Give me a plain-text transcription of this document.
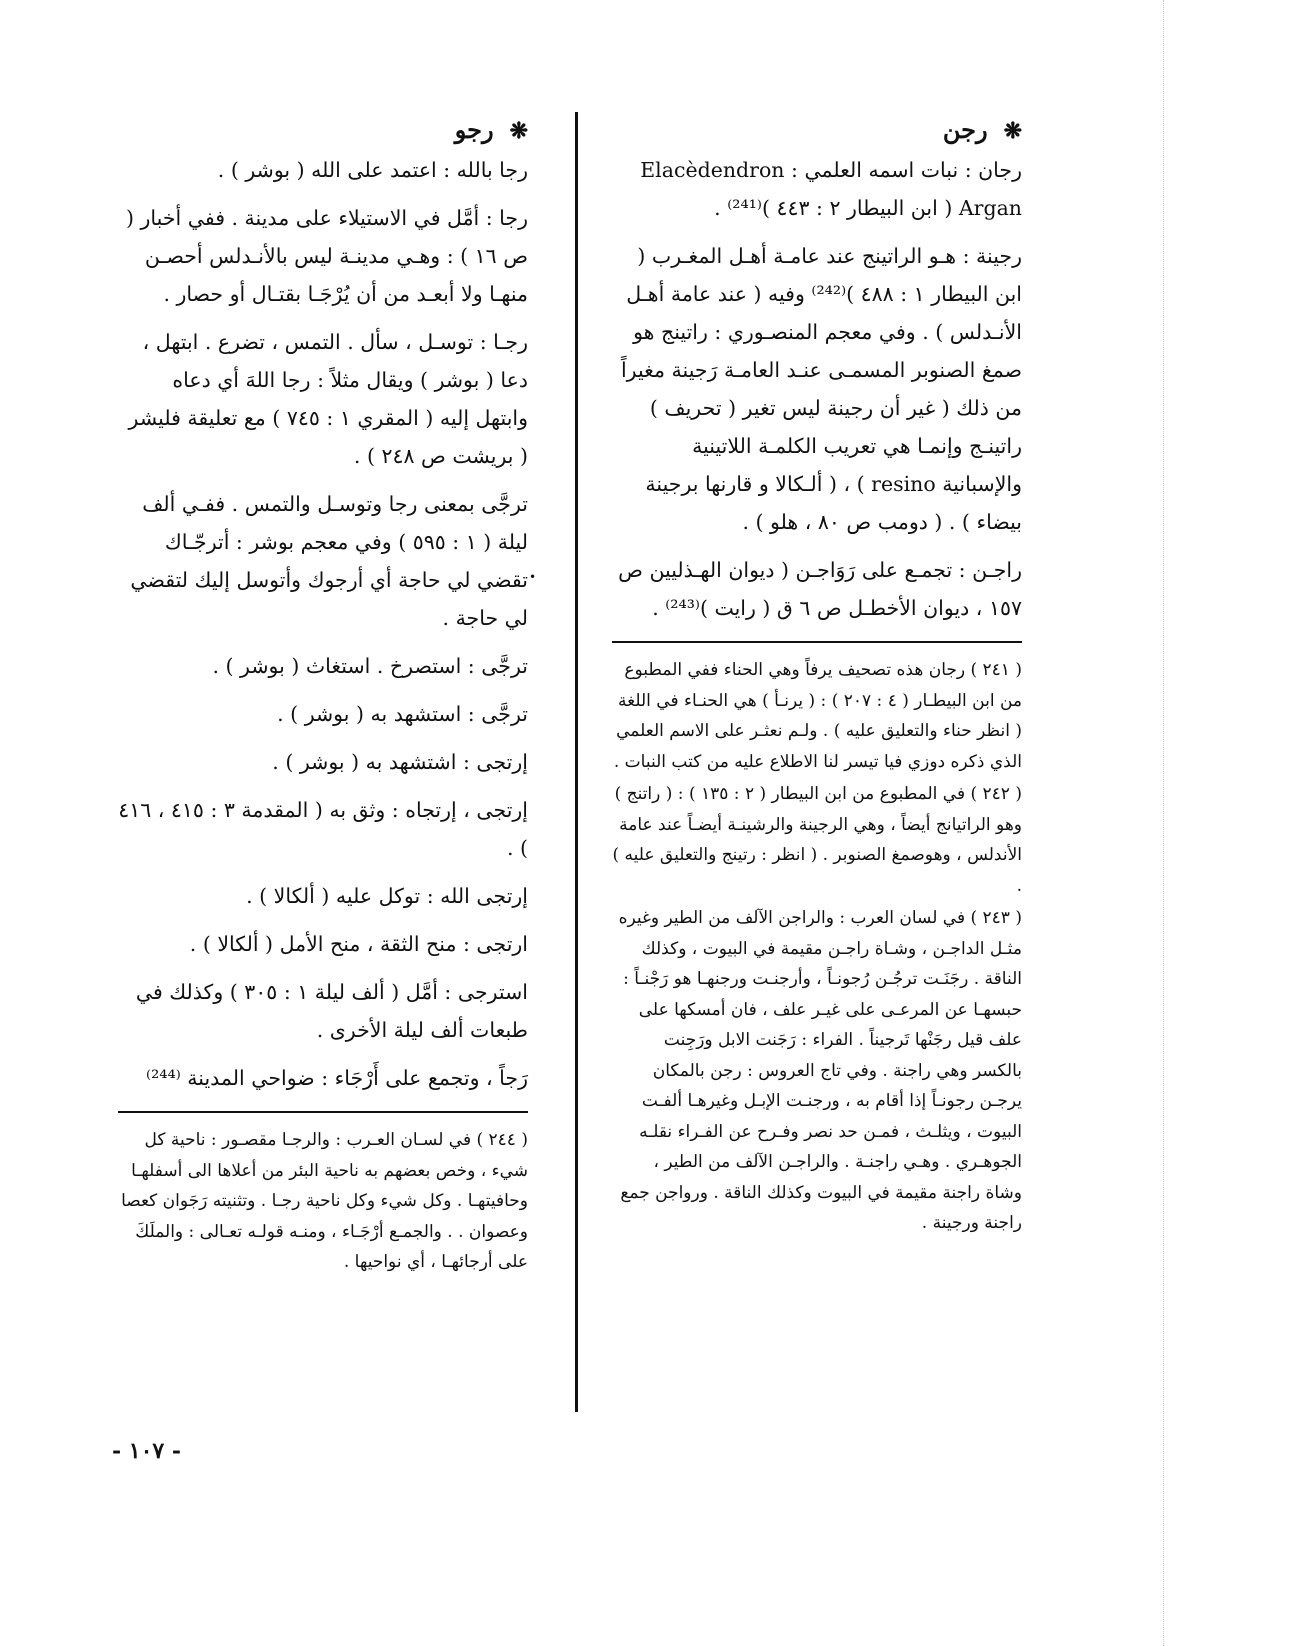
❋رجن

رجان : نبات اسمه العلمي : Elacèdendron Argan ( ابن البيطار ٢ : ٤٤٣ )⁽²⁴¹⁾ .

رجينة : هـو الراتينج عند عامـة أهـل المغـرب ( ابن البيطار ١ : ٤٨٨ )⁽²⁴²⁾ وفيه ( عند عامة أهـل الأنـدلس ) . وفي معجم المنصـوري : راتينج هو صمغ الصنوبر المسمـى عنـد العامـة رَجينة مغيراً من ذلك ( غير أن رجينة ليس تغير ( تحريف ) راتينـج وإنمـا هي تعريب الكلمـة اللاتينية والإسبانية resino ) ، ( ألـكالا و قارنها برجينة بيضاء ) . ( دومب ص ٨٠ ، هلو ) .

راجـن : تجمـع على رَوَاجـن ( ديوان الهـذليين ص ١٥٧ ، ديوان الأخطـل ص ٦ ق ( رايت )⁽²⁴³⁾ .

( ٢٤١ ) رجان هذه تصحيف يرفاً وهي الحناء ففي المطبوع من ابن البيطـار ( ٤ : ٢٠٧ ) : ( يرنـأ ) هي الحنـاء في اللغة ( انظر حناء والتعليق عليه ) . ولـم نعثـر على الاسم العلمي الذي ذكره دوزي فيا تيسر لنا الاطلاع عليه من كتب النبات .

( ٢٤٢ ) في المطبوع من ابن البيطار ( ٢ : ١٣٥ ) : ( راتنج ) وهو الراتيانج أيضاً ، وهي الرجينة والرشينـة أيضـاً عند عامة الأندلس ، وهوصمغ الصنوبر . ( انظر : رتينج والتعليق عليه ) .

( ٢٤٣ ) في لسان العرب : والراجن الآلف من الطير وغيره مثـل الداجـن ، وشـاة راجـن مقيمة في البيوت ، وكذلك الناقة . رجَنَـت ترجُـن رُجونـاً ، وأرجنـت ورجنهـا هو رَجْنـاً : حبسهـا عن المرعـى على غيـر علف ، فان أمسكها على علف قيل رجَنْها تَرجيناً . الفراء : رَجَنت الابل ورَجِنت بالكسر وهي راجنة . وفي تاج العروس : رجن بالمكان يرجـن رجونـاً إذا أقام به ، ورجنـت الإبـل وغيرهـا ألفـت البيوت ، ويثلـث ، فمـن حد نصر وفـرح عن الفـراء نقلـه الجوهـري . وهـي راجنـة . والراجـن الآلف من الطير ، وشاة راجنة مقيمة في البيوت وكذلك الناقة . ورواجن جمع راجنة ورجينة .

•
❋رجو

رجا بالله : اعتمد على الله ( بوشر ) .

رجا : أمَّل في الاستيلاء على مدينة . ففي أخبار ( ص ١٦ ) : وهـي مدينـة ليس بالأنـدلس أحصـن منهـا ولا أبعـد من أن يُرْجَـا بقتـال أو حصار .

رجـا : توسـل ، سأل . التمس ، تضرع . ابتهل ، دعا ( بوشر ) ويقال مثلاً : رجا اللهَ أي دعاه وابتهل إليه ( المقري ١ : ٧٤٥ ) مع تعليقة فليشر ( بريشت ص ٢٤٨ ) .

ترجَّى بمعنى رجا وتوسـل والتمس . ففـي ألف ليلة ( ١ : ٥٩٥ ) وفي معجم بوشر : أترجّـاك تقضي لي حاجة أي أرجوك وأتوسل إليك لتقضي لي حاجة .

ترجَّى : استصرخ . استغاث ( بوشر ) .

ترجَّى : استشهد به ( بوشر ) .

إرتجى : اشتشهد به ( بوشر ) .

إرتجى ، إرتجاه : وثق به ( المقدمة ٣ : ٤١٥ ، ٤١٦ ) .

إرتجى الله : توكل عليه ( ألكالا ) .

ارتجى : منح الثقة ، منح الأمل ( ألكالا ) .

استرجى : أمَّل ( ألف ليلة ١ : ٣٠٥ ) وكذلك في طبعات ألف ليلة الأخرى .

رَجاً ، وتجمع على أَرْجَاء : ضواحي المدينة ⁽²⁴⁴⁾

( ٢٤٤ ) في لسـان العـرب : والرجـا مقصـور : ناحية كل شيء ، وخص بعضهم به ناحية البئر من أعلاها الى أسفلهـا وحافيتهـا . وكل شيء وكل ناحية رجـا . وتثنيته رَجَوان كعصا وعصوان . . والجمـع أرْجَـاء ، ومنـه قولـه تعـالى : والملَكَ على أرجائهـا ، أي نواحيها .

- ١٠٧ -
